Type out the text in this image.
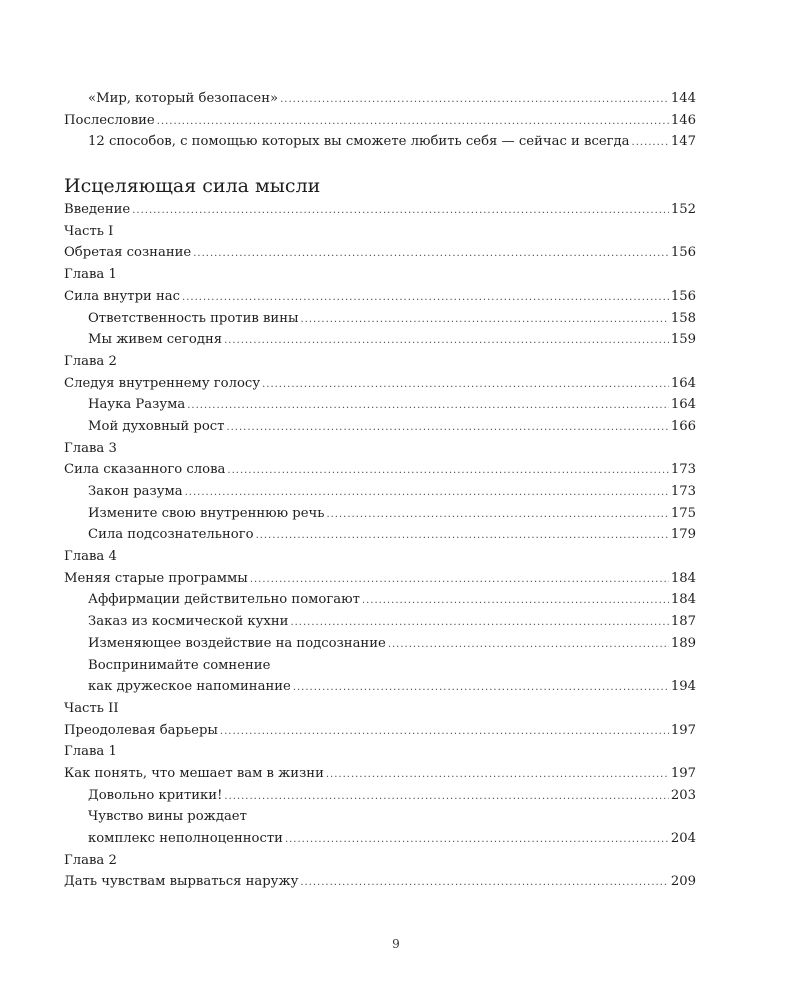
«Мир, который безопасен» .....	144
Послесловие .....	146
12 способов, с помощью которых вы сможете любить себя — сейчас и всегда .....	147
Исцеляющая сила мысли
Введение .....	152
Часть I
Обретая сознание .....	156
Глава 1
Сила внутри нас .....	156
Ответственность против вины .....	158
Мы живем сегодня .....	159
Глава 2
Следуя внутреннему голосу .....	164
Наука Разума .....	164
Мой духовный рост .....	166
Глава 3
Сила сказанного слова .....	173
Закон разума .....	173
Измените свою внутреннюю речь .....	175
Сила подсознательного .....	179
Глава 4
Меняя старые программы .....	184
Аффирмации действительно помогают .....	184
Заказ из космической кухни .....	187
Изменяющее воздействие на подсознание .....	189
Воспринимайте сомнение
как дружеское напоминание .....	194
Часть II
Преодолевая барьеры .....	197
Глава 1
Как понять, что мешает вам в жизни .....	197
Довольно критики! .....	203
Чувство вины рождает
комплекс неполноценности .....	204
Глава 2
Дать чувствам вырваться наружу .....	209
9
